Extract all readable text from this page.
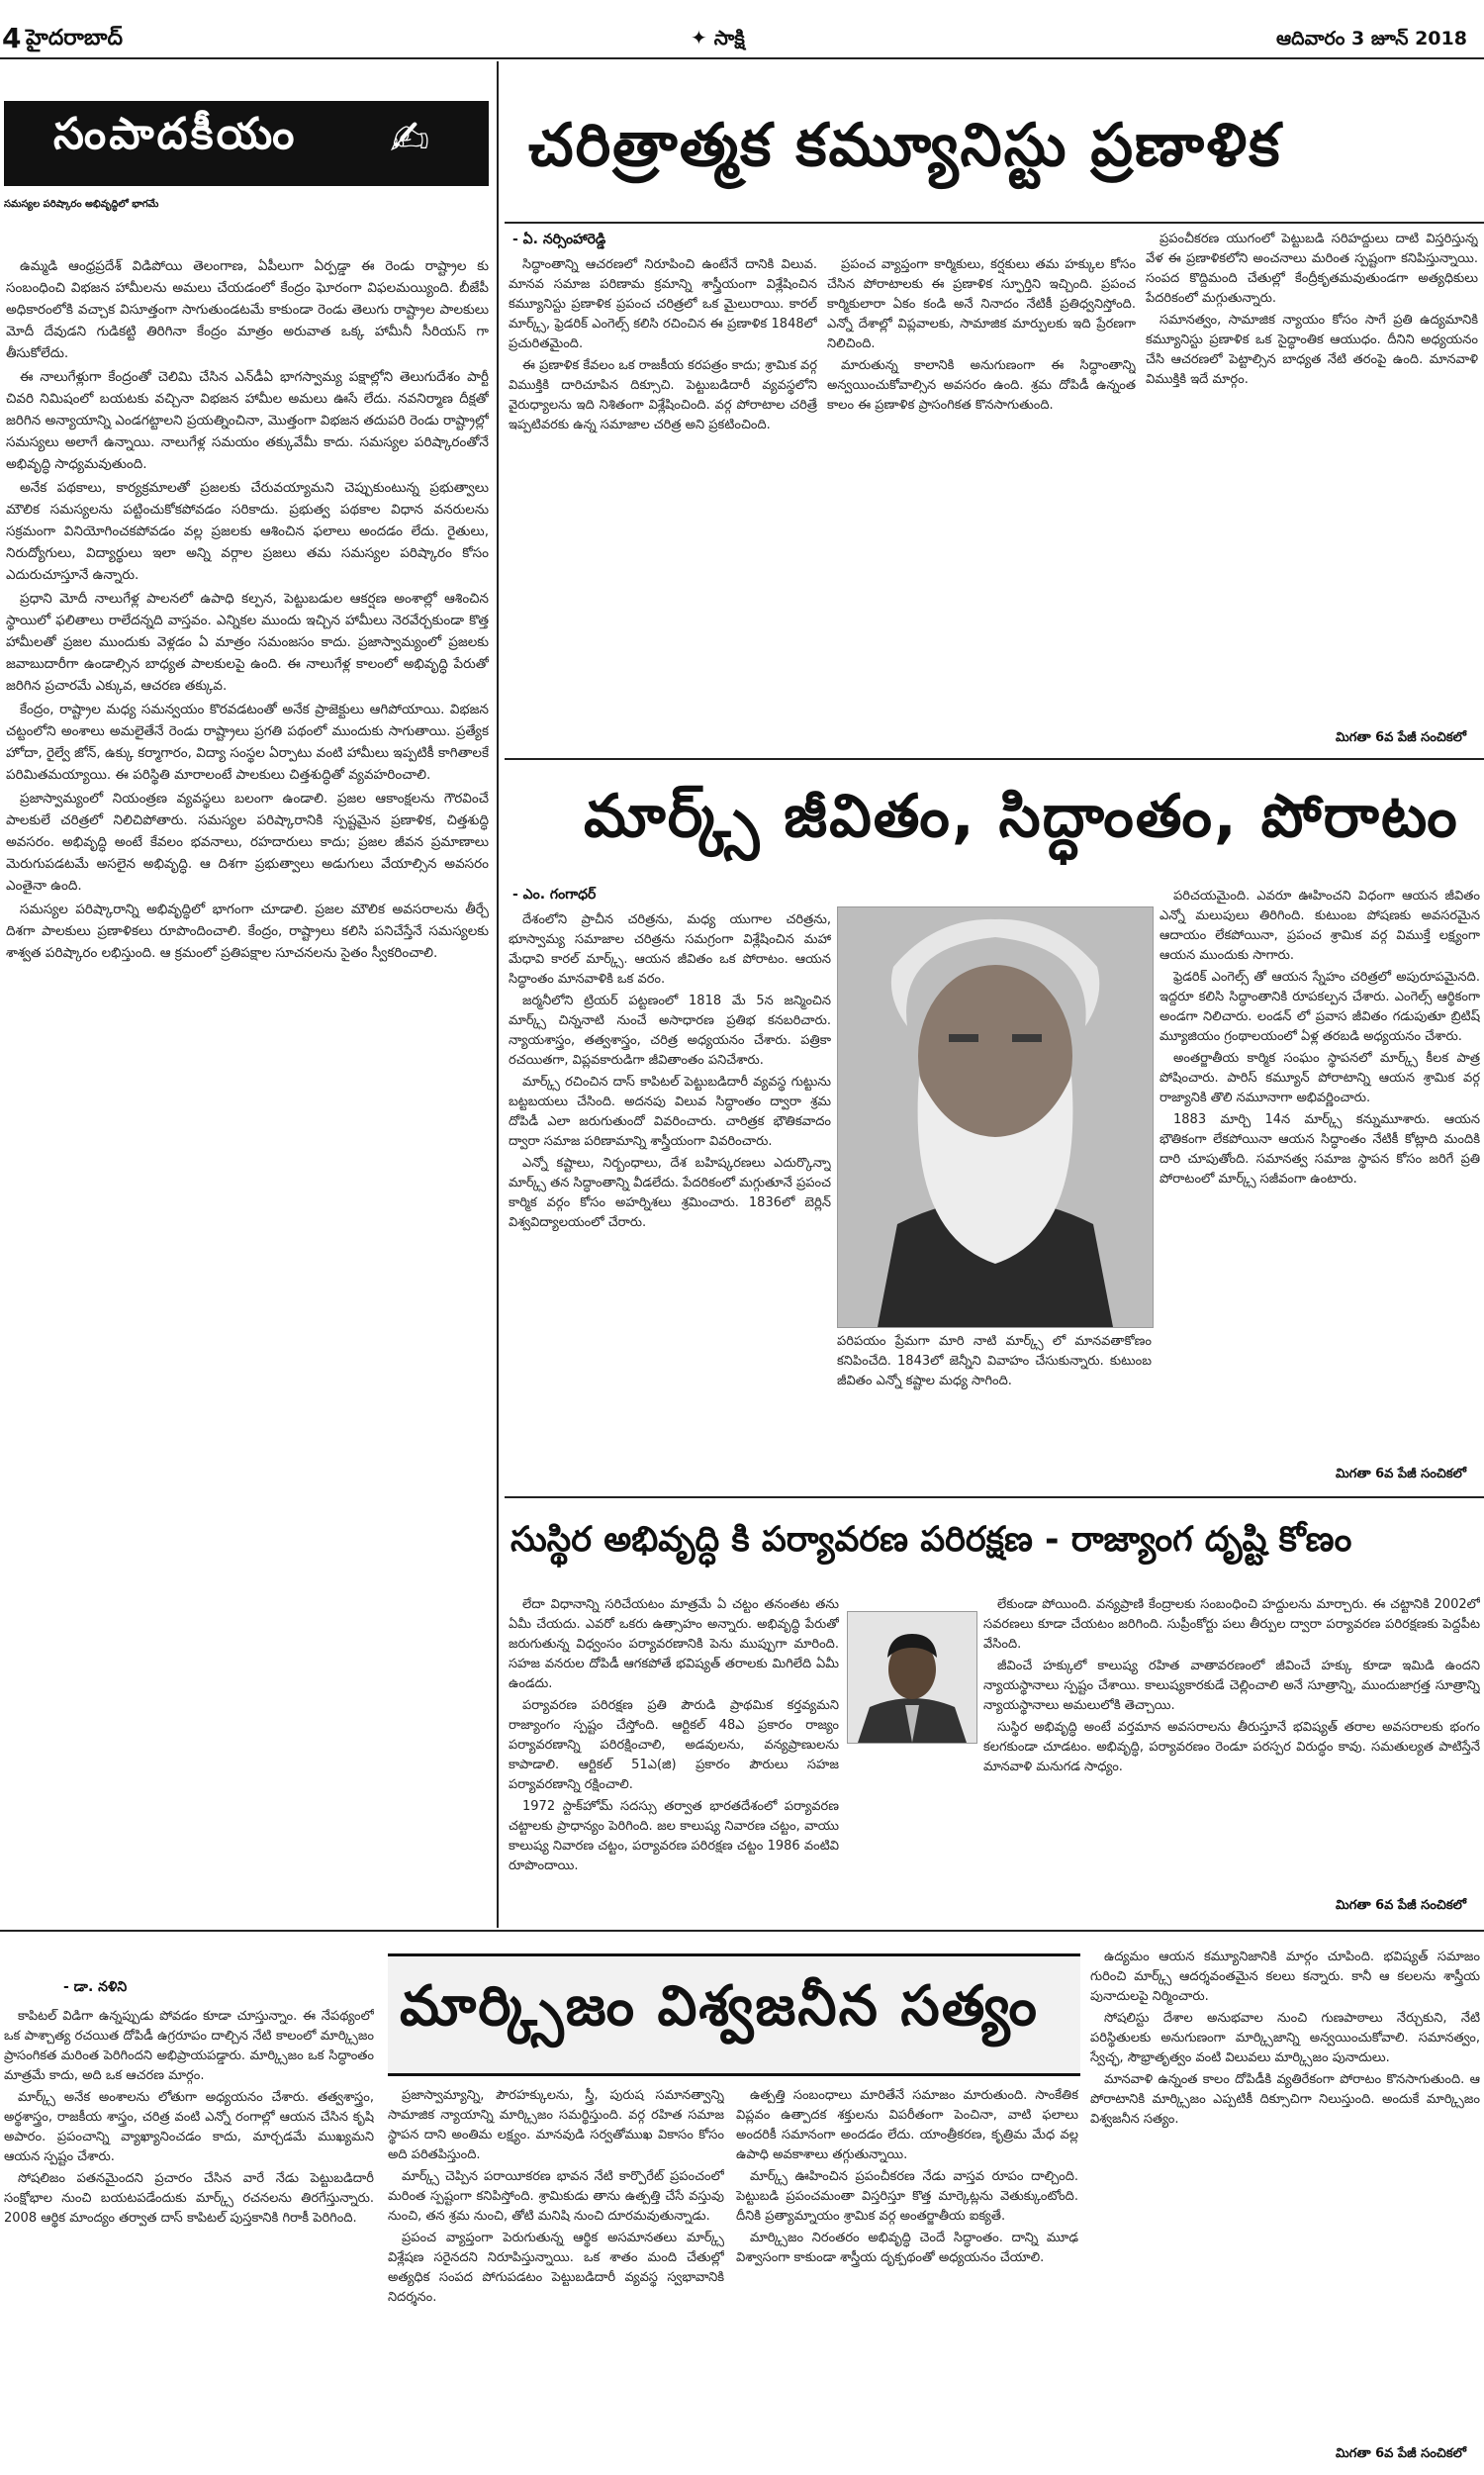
4 హైదరాబాద్	✦ సాక్షి	ఆదివారం 3 జూన్ 2018
సంపాదకీయం ✍
సమస్యల పరిష్కారం అభివృద్ధిలో భాగమే

ఉమ్మడి ఆంధ్రప్రదేశ్ విడిపోయి తెలంగాణ, ఏపీలుగా ఏర్పడ్డా ఈ రెండు రాష్ట్రాల కు సంబంధించి విభజన హామీలను అమలు చేయడంలో కేంద్రం ఘోరంగా విఫలమయ్యింది. బీజేపీ అధికారంలోకి వచ్చాక విసూత్తంగా సాగుతుండటమే కాకుండా రెండు తెలుగు రాష్ట్రాల పాలకులు మోదీ దేవుడని గుడికట్టి తిరిగినా కేంద్రం మాత్రం అరువాత ఒక్క హామీనీ సీరియస్ గా తీసుకోలేదు.

ఈ నాలుగేళ్లుగా కేంద్రంతో చెలిమి చేసిన ఎన్‌డీఏ భాగస్వామ్య పక్షాల్లోని తెలుగుదేశం పార్టీ చివరి నిమిషంలో బయటకు వచ్చినా విభజన హామీల అమలు ఊసే లేదు. నవనిర్మాణ దీక్షతో జరిగిన అన్యాయాన్ని ఎండగట్టాలని ప్రయత్నించినా, మొత్తంగా విభజన తదుపరి రెండు రాష్ట్రాల్లో సమస్యలు అలాగే ఉన్నాయి. నాలుగేళ్ల సమయం తక్కువేమీ కాదు. సమస్యల పరిష్కారంతోనే అభివృద్ధి సాధ్యమవుతుంది.

అనేక పథకాలు, కార్యక్రమాలతో ప్రజలకు చేరువయ్యామని చెప్పుకుంటున్న ప్రభుత్వాలు మౌలిక సమస్యలను పట్టించుకోకపోవడం సరికాదు. ప్రభుత్వ పథకాల విధాన వనరులను సక్రమంగా వినియోగించకపోవడం వల్ల ప్రజలకు ఆశించిన ఫలాలు అందడం లేదు. రైతులు, నిరుద్యోగులు, విద్యార్థులు ఇలా అన్ని వర్గాల ప్రజలు తమ సమస్యల పరిష్కారం కోసం ఎదురుచూస్తూనే ఉన్నారు.

ప్రధాని మోదీ నాలుగేళ్ల పాలనలో ఉపాధి కల్పన, పెట్టుబడుల ఆకర్షణ అంశాల్లో ఆశించిన స్థాయిలో ఫలితాలు రాలేదన్నది వాస్తవం. ఎన్నికల ముందు ఇచ్చిన హామీలు నెరవేర్చకుండా కొత్త హామీలతో ప్రజల ముందుకు వెళ్లడం ఏ మాత్రం సమంజసం కాదు. ప్రజాస్వామ్యంలో ప్రజలకు జవాబుదారీగా ఉండాల్సిన బాధ్యత పాలకులపై ఉంది. ఈ నాలుగేళ్ల కాలంలో అభివృద్ధి పేరుతో జరిగిన ప్రచారమే ఎక్కువ, ఆచరణ తక్కువ.

కేంద్రం, రాష్ట్రాల మధ్య సమన్వయం కొరవడటంతో అనేక ప్రాజెక్టులు ఆగిపోయాయి. విభజన చట్టంలోని అంశాలు అమలైతేనే రెండు రాష్ట్రాలు ప్రగతి పథంలో ముందుకు సాగుతాయి. ప్రత్యేక హోదా, రైల్వే జోన్, ఉక్కు కర్మాగారం, విద్యా సంస్థల ఏర్పాటు వంటి హామీలు ఇప్పటికీ కాగితాలకే పరిమితమయ్యాయి. ఈ పరిస్థితి మారాలంటే పాలకులు చిత్తశుద్ధితో వ్యవహరించాలి.

ప్రజాస్వామ్యంలో నియంత్రణ వ్యవస్థలు బలంగా ఉండాలి. ప్రజల ఆకాంక్షలను గౌరవించే పాలకులే చరిత్రలో నిలిచిపోతారు. సమస్యల పరిష్కారానికి స్పష్టమైన ప్రణాళిక, చిత్తశుద్ధి అవసరం. అభివృద్ధి అంటే కేవలం భవనాలు, రహదారులు కాదు; ప్రజల జీవన ప్రమాణాలు మెరుగుపడటమే అసలైన అభివృద్ధి. ఆ దిశగా ప్రభుత్వాలు అడుగులు వేయాల్సిన అవసరం ఎంతైనా ఉంది.

సమస్యల పరిష్కారాన్ని అభివృద్ధిలో భాగంగా చూడాలి. ప్రజల మౌలిక అవసరాలను తీర్చే దిశగా పాలకులు ప్రణాళికలు రూపొందించాలి. కేంద్రం, రాష్ట్రాలు కలిసి పనిచేస్తేనే సమస్యలకు శాశ్వత పరిష్కారం లభిస్తుంది. ఆ క్రమంలో ప్రతిపక్షాల సూచనలను సైతం స్వీకరించాలి.

చరిత్రాత్మక కమ్యూనిస్టు ప్రణాళిక
- ఏ. నర్సింహారెడ్డి

సిద్ధాంతాన్ని ఆచరణలో నిరూపించి ఉంటేనే దానికి విలువ. మానవ సమాజ పరిణామ క్రమాన్ని శాస్త్రీయంగా విశ్లేషించిన కమ్యూనిస్టు ప్రణాళిక ప్రపంచ చరిత్రలో ఒక మైలురాయి. కారల్ మార్క్స్, ఫ్రెడరిక్ ఎంగెల్స్ కలిసి రచించిన ఈ ప్రణాళిక 1848లో ప్రచురితమైంది.

ఈ ప్రణాళిక కేవలం ఒక రాజకీయ కరపత్రం కాదు; శ్రామిక వర్గ విముక్తికి దారిచూపిన దిక్సూచి. పెట్టుబడిదారీ వ్యవస్థలోని వైరుధ్యాలను ఇది నిశితంగా విశ్లేషించింది. వర్గ పోరాటాల చరిత్రే ఇప్పటివరకు ఉన్న సమాజాల చరిత్ర అని ప్రకటించింది.

ప్రపంచ వ్యాప్తంగా కార్మికులు, కర్షకులు తమ హక్కుల కోసం చేసిన పోరాటాలకు ఈ ప్రణాళిక స్ఫూర్తిని ఇచ్చింది. ప్రపంచ కార్మికులారా ఏకం కండి అనే నినాదం నేటికీ ప్రతిధ్వనిస్తోంది. ఎన్నో దేశాల్లో విప్లవాలకు, సామాజిక మార్పులకు ఇది ప్రేరణగా నిలిచింది.

మారుతున్న కాలానికి అనుగుణంగా ఈ సిద్ధాంతాన్ని అన్వయించుకోవాల్సిన అవసరం ఉంది. శ్రమ దోపిడీ ఉన్నంత కాలం ఈ ప్రణాళిక ప్రాసంగికత కొనసాగుతుంది.

ప్రపంచీకరణ యుగంలో పెట్టుబడి సరిహద్దులు దాటి విస్తరిస్తున్న వేళ ఈ ప్రణాళికలోని అంచనాలు మరింత స్పష్టంగా కనిపిస్తున్నాయి. సంపద కొద్దిమంది చేతుల్లో కేంద్రీకృతమవుతుండగా అత్యధికులు పేదరికంలో మగ్గుతున్నారు.

సమానత్వం, సామాజిక న్యాయం కోసం సాగే ప్రతి ఉద్యమానికి కమ్యూనిస్టు ప్రణాళిక ఒక సైద్ధాంతిక ఆయుధం. దీనిని అధ్యయనం చేసి ఆచరణలో పెట్టాల్సిన బాధ్యత నేటి తరంపై ఉంది. మానవాళి విముక్తికి ఇదే మార్గం.

మిగతా 6వ పేజీ సంచికలో
మార్క్స్ జీవితం, సిద్ధాంతం, పోరాటం
- ఎం. గంగాధర్

దేశంలోని ప్రాచీన చరిత్రను, మధ్య యుగాల చరిత్రను, భూస్వామ్య సమాజాల చరిత్రను సమగ్రంగా విశ్లేషించిన మహా మేధావి కారల్ మార్క్స్. ఆయన జీవితం ఒక పోరాటం. ఆయన సిద్ధాంతం మానవాళికి ఒక వరం.

జర్మనీలోని ట్రియర్ పట్టణంలో 1818 మే 5న జన్మించిన మార్క్స్ చిన్ననాటి నుంచే అసాధారణ ప్రతిభ కనబరిచారు. న్యాయశాస్త్రం, తత్వశాస్త్రం, చరిత్ర అధ్యయనం చేశారు. పత్రికా రచయితగా, విప్లవకారుడిగా జీవితాంతం పనిచేశారు.

మార్క్స్ రచించిన దాస్ కాపిటల్ పెట్టుబడిదారీ వ్యవస్థ గుట్టును బట్టబయలు చేసింది. అదనపు విలువ సిద్ధాంతం ద్వారా శ్రమ దోపిడీ ఎలా జరుగుతుందో వివరించారు. చారిత్రక భౌతికవాదం ద్వారా సమాజ పరిణామాన్ని శాస్త్రీయంగా వివరించారు.

ఎన్నో కష్టాలు, నిర్బంధాలు, దేశ బహిష్కరణలు ఎదుర్కొన్నా మార్క్స్ తన సిద్ధాంతాన్ని వీడలేదు. పేదరికంలో మగ్గుతూనే ప్రపంచ కార్మిక వర్గం కోసం అహర్నిశలు శ్రమించారు. 1836లో బెర్లిన్ విశ్వవిద్యాలయంలో చేరారు.

పరిపయం ప్రేమగా మారి నాటి మార్క్స్ లో మానవతాకోణం కనిపించేది. 1843లో జెన్నీని వివాహం చేసుకున్నారు. కుటుంబ జీవితం ఎన్నో కష్టాల మధ్య సాగింది.

పరిచయమైంది. ఎవరూ ఊహించని విధంగా ఆయన జీవితం ఎన్నో మలుపులు తిరిగింది. కుటుంబ పోషణకు అవసరమైన ఆదాయం లేకపోయినా, ప్రపంచ శ్రామిక వర్గ విముక్తే లక్ష్యంగా ఆయన ముందుకు సాగారు.

ఫ్రెడరిక్ ఎంగెల్స్ తో ఆయన స్నేహం చరిత్రలో అపురూపమైనది. ఇద్దరూ కలిసి సిద్ధాంతానికి రూపకల్పన చేశారు. ఎంగెల్స్ ఆర్థికంగా అండగా నిలిచారు. లండన్ లో ప్రవాస జీవితం గడుపుతూ బ్రిటిష్ మ్యూజియం గ్రంథాలయంలో ఏళ్ల తరబడి అధ్యయనం చేశారు.

అంతర్జాతీయ కార్మిక సంఘం స్థాపనలో మార్క్స్ కీలక పాత్ర పోషించారు. పారిస్ కమ్యూన్ పోరాటాన్ని ఆయన శ్రామిక వర్గ రాజ్యానికి తొలి నమూనాగా అభివర్ణించారు.

1883 మార్చి 14న మార్క్స్ కన్నుమూశారు. ఆయన భౌతికంగా లేకపోయినా ఆయన సిద్ధాంతం నేటికీ కోట్లాది మందికి దారి చూపుతోంది. సమానత్వ సమాజ స్థాపన కోసం జరిగే ప్రతి పోరాటంలో మార్క్స్ సజీవంగా ఉంటారు.

మిగతా 6వ పేజీ సంచికలో
సుస్థిర అభివృద్ధి కి పర్యావరణ పరిరక్షణ - రాజ్యాంగ దృష్టి కోణం

లేదా విధానాన్ని సరిచేయటం మాత్రమే ఏ చట్టం తనంతట తను ఏమీ చేయదు. ఎవరో ఒకరు ఉత్సాహం అన్నారు. అభివృద్ధి పేరుతో జరుగుతున్న విధ్వంసం పర్యావరణానికి పెను ముప్పుగా మారింది. సహజ వనరుల దోపిడీ ఆగకపోతే భవిష్యత్ తరాలకు మిగిలేది ఏమీ ఉండదు.

పర్యావరణ పరిరక్షణ ప్రతి పౌరుడి ప్రాథమిక కర్తవ్యమని రాజ్యాంగం స్పష్టం చేస్తోంది. ఆర్టికల్ 48ఎ ప్రకారం రాజ్యం పర్యావరణాన్ని పరిరక్షించాలి, అడవులను, వన్యప్రాణులను కాపాడాలి. ఆర్టికల్ 51ఎ(జి) ప్రకారం పౌరులు సహజ పర్యావరణాన్ని రక్షించాలి.

1972 స్టాక్‌హోమ్ సదస్సు తర్వాత భారతదేశంలో పర్యావరణ చట్టాలకు ప్రాధాన్యం పెరిగింది. జల కాలుష్య నివారణ చట్టం, వాయు కాలుష్య నివారణ చట్టం, పర్యావరణ పరిరక్షణ చట్టం 1986 వంటివి రూపొందాయి.

లేకుండా పోయింది. వన్యప్రాణి కేంద్రాలకు సంబంధించి హద్దులను మార్చారు. ఈ చట్టానికి 2002లో సవరణలు కూడా చేయటం జరిగింది. సుప్రీంకోర్టు పలు తీర్పుల ద్వారా పర్యావరణ పరిరక్షణకు పెద్దపీట వేసింది.

జీవించే హక్కులో కాలుష్య రహిత వాతావరణంలో జీవించే హక్కు కూడా ఇమిడి ఉందని న్యాయస్థానాలు స్పష్టం చేశాయి. కాలుష్యకారకుడే చెల్లించాలి అనే సూత్రాన్ని, ముందుజాగ్రత్త సూత్రాన్ని న్యాయస్థానాలు అమలులోకి తెచ్చాయి.

సుస్థిర అభివృద్ధి అంటే వర్తమాన అవసరాలను తీరుస్తూనే భవిష్యత్ తరాల అవసరాలకు భంగం కలగకుండా చూడటం. అభివృద్ధి, పర్యావరణం రెండూ పరస్పర విరుద్ధం కావు. సమతుల్యత పాటిస్తేనే మానవాళి మనుగడ సాధ్యం.

మిగతా 6వ పేజీ సంచికలో
- డా. నళిని

కాపిటల్ విడిగా ఉన్నప్పుడు పోవడం కూడా చూస్తున్నాం. ఈ నేపథ్యంలో ఒక పాశ్చాత్య రచయిత దోపిడీ ఉగ్రరూపం దాల్చిన నేటి కాలంలో మార్క్సిజం ప్రాసంగికత మరింత పెరిగిందని అభిప్రాయపడ్డారు. మార్క్సిజం ఒక సిద్ధాంతం మాత్రమే కాదు, అది ఒక ఆచరణ మార్గం.

మార్క్స్ అనేక అంశాలను లోతుగా అధ్యయనం చేశారు. తత్వశాస్త్రం, అర్థశాస్త్రం, రాజకీయ శాస్త్రం, చరిత్ర వంటి ఎన్నో రంగాల్లో ఆయన చేసిన కృషి అపారం. ప్రపంచాన్ని వ్యాఖ్యానించడం కాదు, మార్చడమే ముఖ్యమని ఆయన స్పష్టం చేశారు.

సోషలిజం పతనమైందని ప్రచారం చేసిన వారే నేడు పెట్టుబడిదారీ సంక్షోభాల నుంచి బయటపడేందుకు మార్క్స్ రచనలను తిరగేస్తున్నారు. 2008 ఆర్థిక మాంద్యం తర్వాత దాస్ కాపిటల్ పుస్తకానికి గిరాకీ పెరిగింది.

మార్క్సిజం విశ్వజనీన సత్యం

ప్రజాస్వామ్యాన్ని, పౌరహక్కులను, స్త్రీ, పురుష సమానత్వాన్ని సామాజిక న్యాయాన్ని మార్క్సిజం సమర్థిస్తుంది. వర్గ రహిత సమాజ స్థాపన దాని అంతిమ లక్ష్యం. మానవుడి సర్వతోముఖ వికాసం కోసం అది పరితపిస్తుంది.

మార్క్స్ చెప్పిన పరాయీకరణ భావన నేటి కార్పొరేట్ ప్రపంచంలో మరింత స్పష్టంగా కనిపిస్తోంది. శ్రామికుడు తాను ఉత్పత్తి చేసే వస్తువు నుంచి, తన శ్రమ నుంచి, తోటి మనిషి నుంచి దూరమవుతున్నాడు.

ప్రపంచ వ్యాప్తంగా పెరుగుతున్న ఆర్థిక అసమానతలు మార్క్స్ విశ్లేషణ సరైనదని నిరూపిస్తున్నాయి. ఒక శాతం మంది చేతుల్లో అత్యధిక సంపద పోగుపడటం పెట్టుబడిదారీ వ్యవస్థ స్వభావానికి నిదర్శనం.

ఉత్పత్తి సంబంధాలు మారితేనే సమాజం మారుతుంది. సాంకేతిక విప్లవం ఉత్పాదక శక్తులను విపరీతంగా పెంచినా, వాటి ఫలాలు అందరికీ సమానంగా అందడం లేదు. యాంత్రీకరణ, కృత్రిమ మేధ వల్ల ఉపాధి అవకాశాలు తగ్గుతున్నాయి.

మార్క్స్ ఊహించిన ప్రపంచీకరణ నేడు వాస్తవ రూపం దాల్చింది. పెట్టుబడి ప్రపంచమంతా విస్తరిస్తూ కొత్త మార్కెట్లను వెతుక్కుంటోంది. దీనికి ప్రత్యామ్నాయం శ్రామిక వర్గ అంతర్జాతీయ ఐక్యతే.

మార్క్సిజం నిరంతరం అభివృద్ధి చెందే సిద్ధాంతం. దాన్ని మూఢ విశ్వాసంగా కాకుండా శాస్త్రీయ దృక్పథంతో అధ్యయనం చేయాలి.

ఉద్యమం ఆయన కమ్యూనిజానికి మార్గం చూపింది. భవిష్యత్ సమాజం గురించి మార్క్స్ ఆదర్శవంతమైన కలలు కన్నారు. కానీ ఆ కలలను శాస్త్రీయ పునాదులపై నిర్మించారు.

సోషలిస్టు దేశాల అనుభవాల నుంచి గుణపాఠాలు నేర్చుకుని, నేటి పరిస్థితులకు అనుగుణంగా మార్క్సిజాన్ని అన్వయించుకోవాలి. సమానత్వం, స్వేచ్ఛ, సౌభ్రాతృత్వం వంటి విలువలు మార్క్సిజం పునాదులు.

మానవాళి ఉన్నంత కాలం దోపిడీకి వ్యతిరేకంగా పోరాటం కొనసాగుతుంది. ఆ పోరాటానికి మార్క్సిజం ఎప్పటికీ దిక్సూచిగా నిలుస్తుంది. అందుకే మార్క్సిజం విశ్వజనీన సత్యం.

మిగతా 6వ పేజీ సంచికలో
